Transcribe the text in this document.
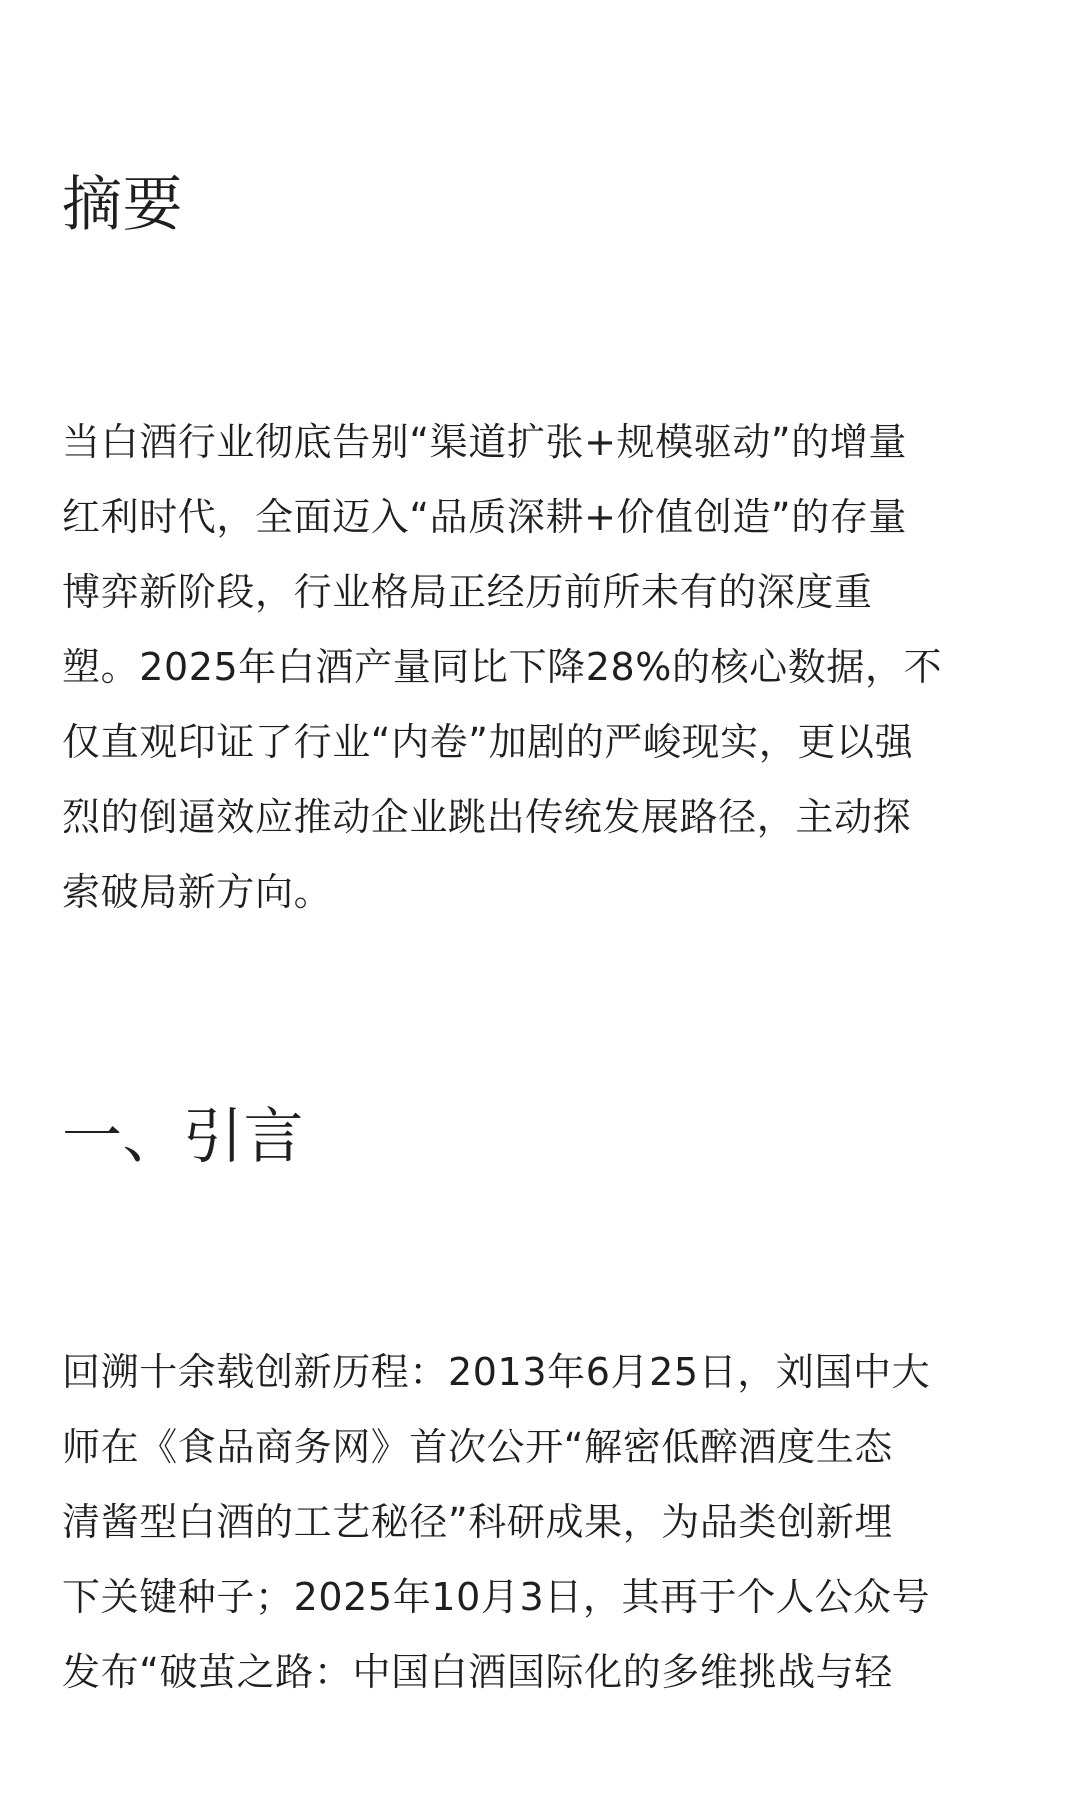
摘要
当白酒行业彻底告别“渠道扩张+规模驱动”的增量
红利时代，全面迈入“品质深耕+价值创造”的存量
博弈新阶段，行业格局正经历前所未有的深度重
塑。2025年白酒产量同比下降28%的核心数据，不
仅直观印证了行业“内卷”加剧的严峻现实，更以强
烈的倒逼效应推动企业跳出传统发展路径，主动探
索破局新方向。
一、引言
回溯十余载创新历程：2013年6月25日，刘国中大
师在《食品商务网》首次公开“解密低醉酒度生态
清酱型白酒的工艺秘径”科研成果，为品类创新埋
下关键种子；2025年10月3日，其再于个人公众号
发布“破茧之路：中国白酒国际化的多维挑战与轻
